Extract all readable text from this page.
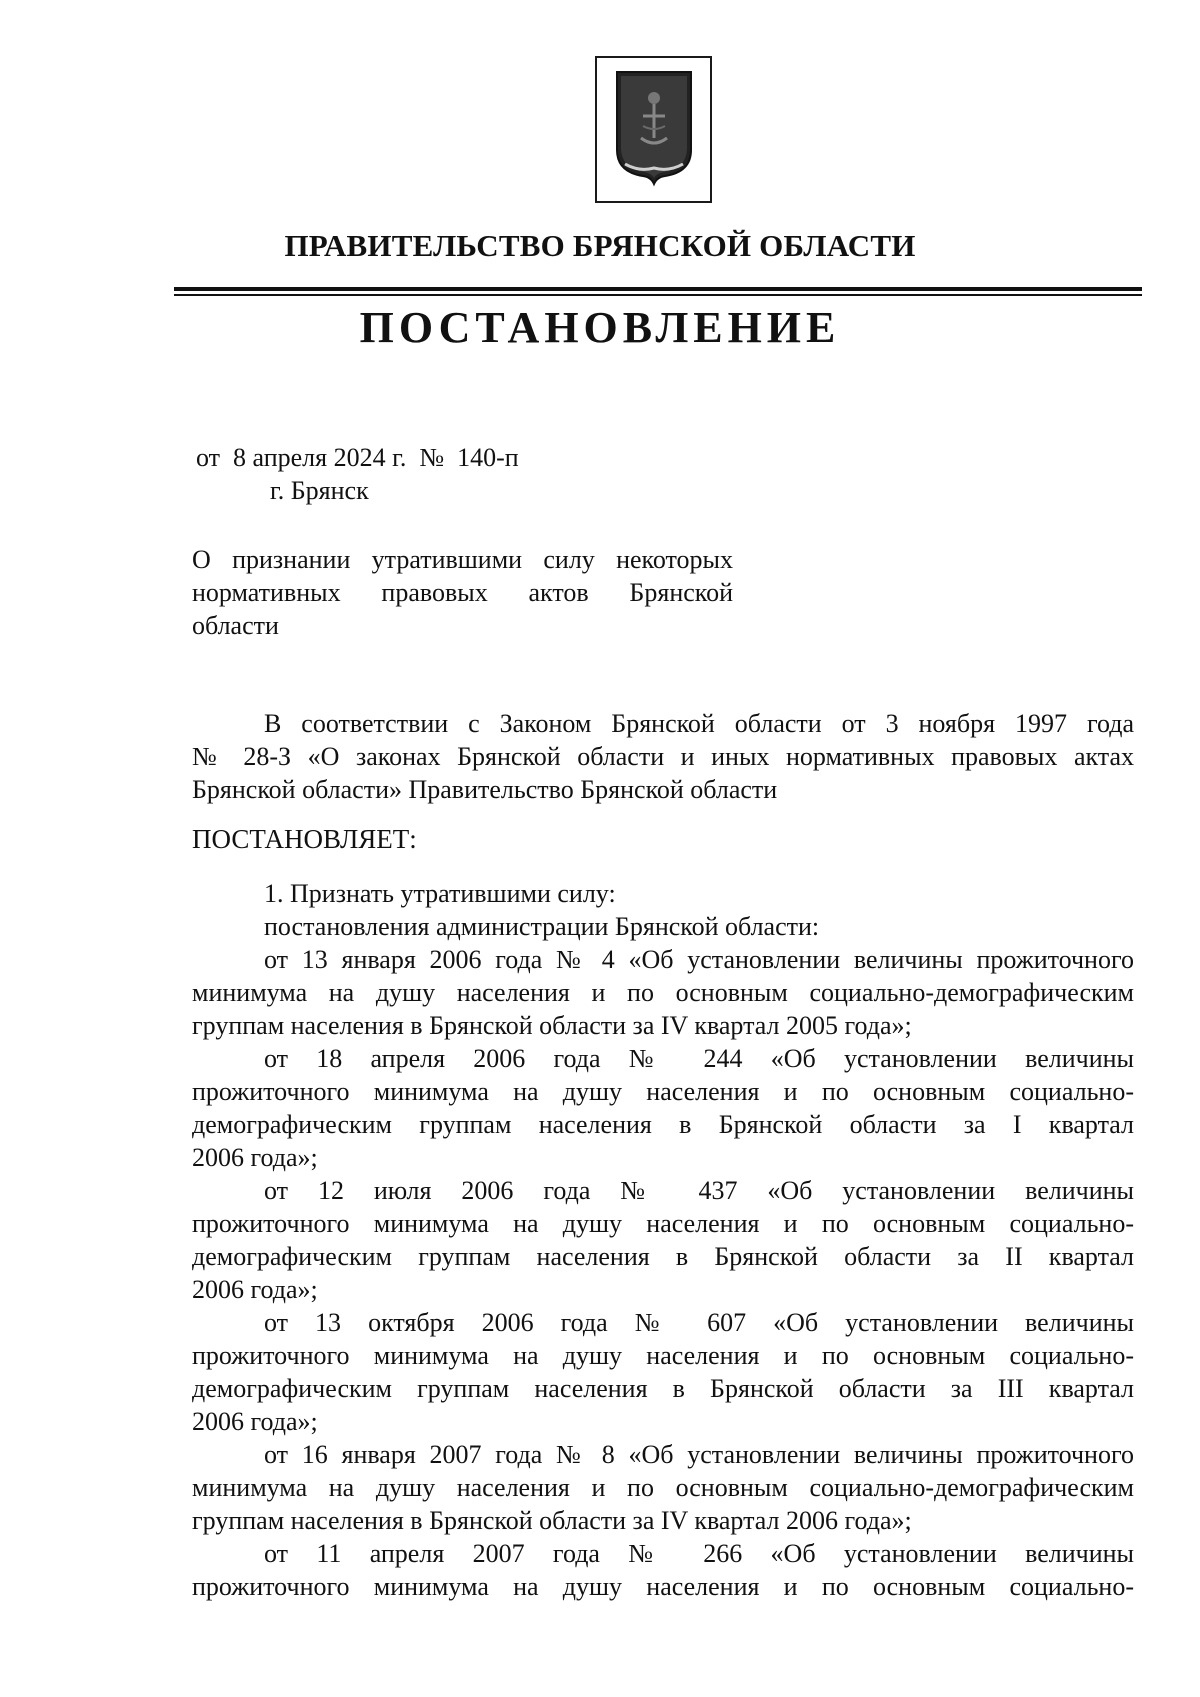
ПРАВИТЕЛЬСТВО БРЯНСКОЙ ОБЛАСТИ
ПОСТАНОВЛЕНИЕ
от  8 апреля 2024 г.  №  140-п
г. Брянск
О признании утратившими силу некоторых
нормативных правовых актов Брянской
области
В соответствии с Законом Брянской области от 3 ноября 1997 года
№ 28-З «О законах Брянской области и иных нормативных правовых актах
Брянской области» Правительство Брянской области
ПОСТАНОВЛЯЕТ:
1. Признать утратившими силу:
постановления администрации Брянской области:
от 13 января 2006 года № 4 «Об установлении величины прожиточного
минимума на душу населения и по основным социально-демографическим
группам населения в Брянской области за IV квартал 2005 года»;
от 18 апреля 2006 года № 244 «Об установлении величины
прожиточного минимума на душу населения и по основным социально-
демографическим группам населения в Брянской области за I квартал
2006 года»;
от 12 июля 2006 года № 437 «Об установлении величины
прожиточного минимума на душу населения и по основным социально-
демографическим группам населения в Брянской области за II квартал
2006 года»;
от 13 октября 2006 года № 607 «Об установлении величины
прожиточного минимума на душу населения и по основным социально-
демографическим группам населения в Брянской области за III квартал
2006 года»;
от 16 января 2007 года № 8 «Об установлении величины прожиточного
минимума на душу населения и по основным социально-демографическим
группам населения в Брянской области за IV квартал 2006 года»;
от 11 апреля 2007 года № 266 «Об установлении величины
прожиточного минимума на душу населения и по основным социально-
